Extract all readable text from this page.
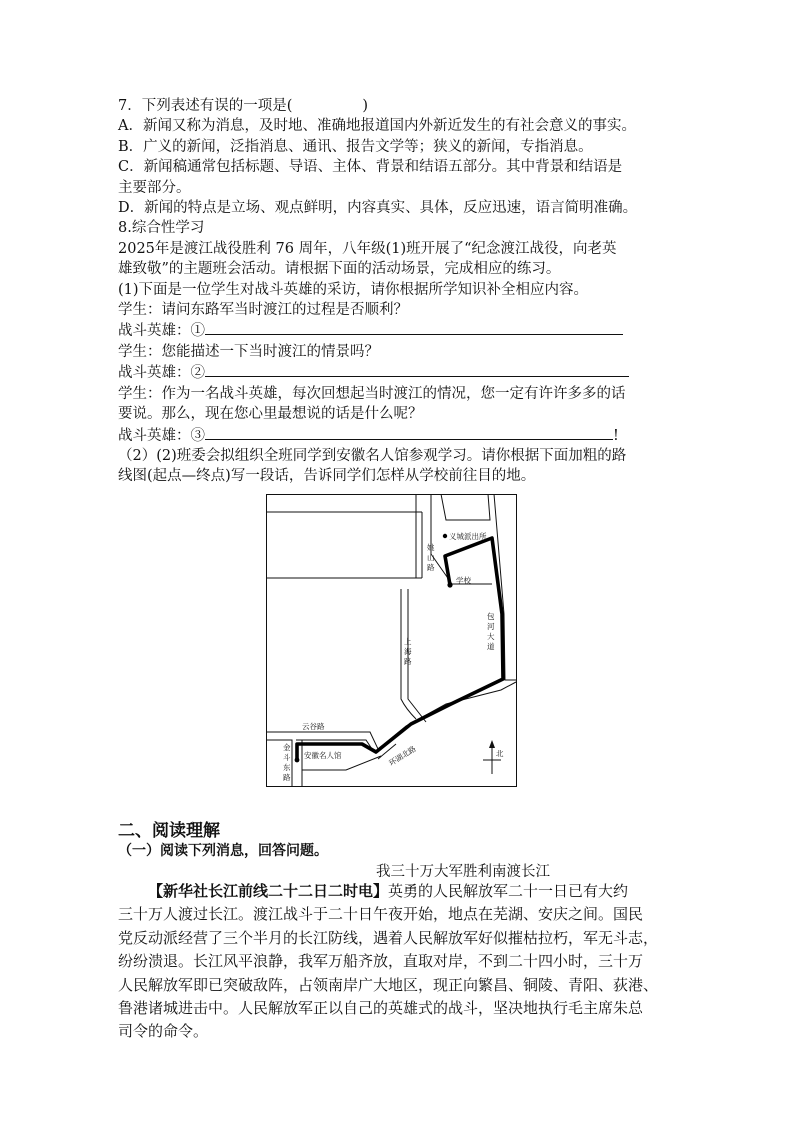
7．下列表述有误的一项是(	)
A．新闻又称为消息，及时地、准确地报道国内外新近发生的有社会意义的事实。
B．广义的新闻，泛指消息、通讯、报告文学等；狭义的新闻，专指消息。
C．新闻稿通常包括标题、导语、主体、背景和结语五部分。其中背景和结语是
主要部分。
D．新闻的特点是立场、观点鲜明，内容真实、具体，反应迅速，语言简明准确。
8.综合性学习
2025年是渡江战役胜利 76 周年，八年级(1)班开展了“纪念渡江战役，向老英
雄致敬”的主题班会活动。请根据下面的活动场景，完成相应的练习。
(1)下面是一位学生对战斗英雄的采访，请你根据所学知识补全相应内容。
学生：请问东路军当时渡江的过程是否顺利？
战斗英雄：①
学生：您能描述一下当时渡江的情景吗？
战斗英雄：②
学生：作为一名战斗英雄，每次回想起当时渡江的情况，您一定有许许多多的话
要说。那么，现在您心里最想说的话是什么呢？
战斗英雄：③	!
（2）(2)班委会拟组织全班同学到安徽名人馆参观学习。请你根据下面加粗的路
线图(起点—终点)写一段话，告诉同学们怎样从学校前往目的地。
义城派出所
姚
山
路
学校
包
河
大
道
上
海
路
云谷路
金
斗
东
路
安徽名人馆	环湖北路	北
二、阅读理解
（一）阅读下列消息，回答问题。
我三十万大军胜利南渡长江
【新华社长江前线二十二日二时电】英勇的人民解放军二十一日已有大约
三十万人渡过长江。渡江战斗于二十日午夜开始，地点在芜湖、安庆之间。国民
党反动派经营了三个半月的长江防线，遇着人民解放军好似摧枯拉朽，军无斗志，
纷纷溃退。长江风平浪静，我军万船齐放，直取对岸，不到二十四小时，三十万
人民解放军即已突破敌阵，占领南岸广大地区，现正向繁昌、铜陵、青阳、荻港、
鲁港诸城进击中。人民解放军正以自己的英雄式的战斗，坚决地执行毛主席朱总
司令的命令。
